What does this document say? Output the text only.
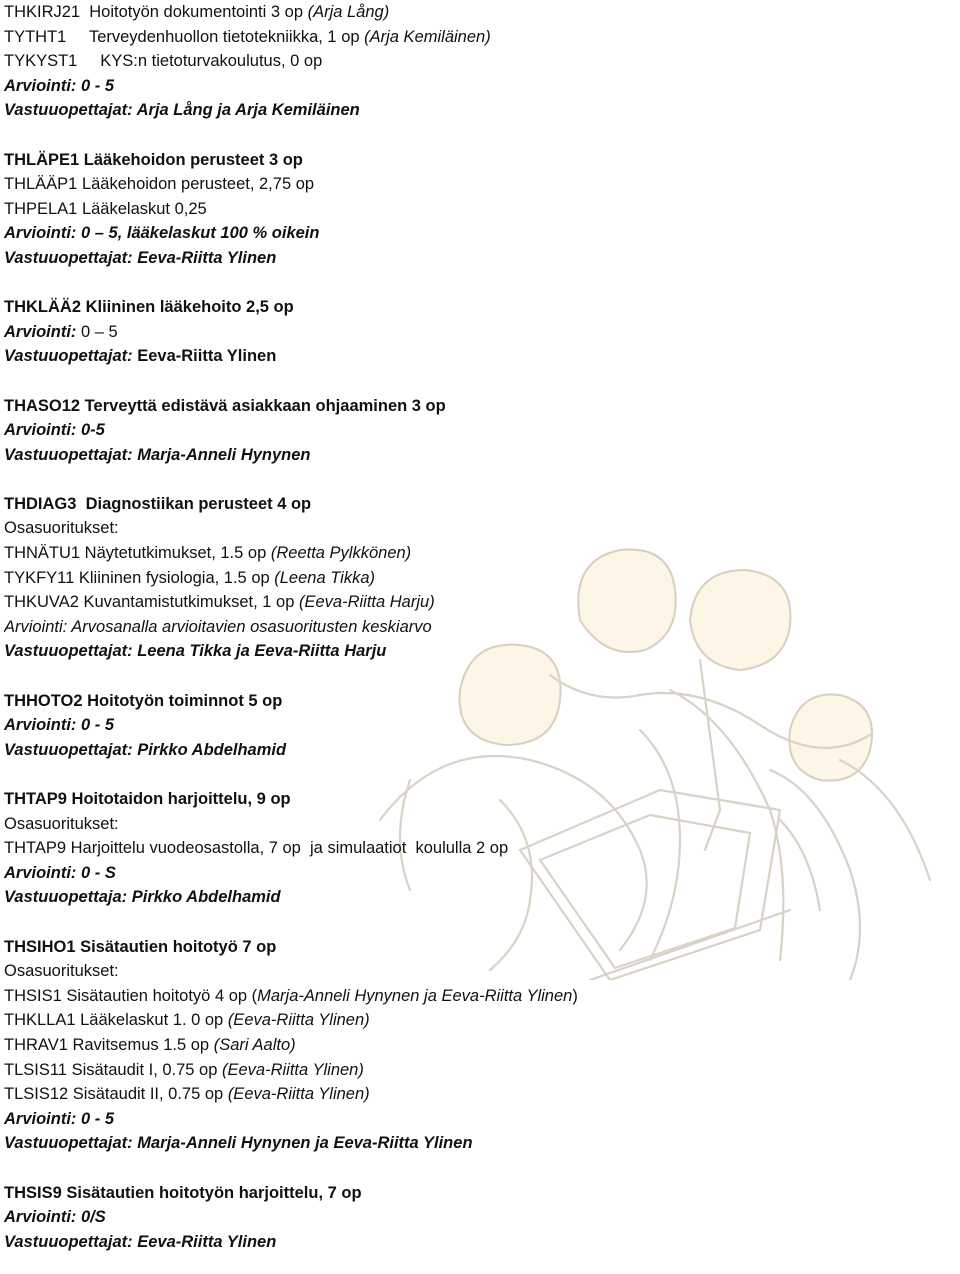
THKIRJ21  Hoitotyön dokumentointi 3 op (Arja Lång)
TYTHT1     Terveydenhuollon tietotekniikka, 1 op (Arja Kemiläinen)
TYKYST1     KYS:n tietoturvakoulutus, 0 op
Arviointi: 0 - 5
Vastuuopettajat: Arja Lång ja Arja Kemiläinen
THLÄPE1 Lääkehoidon perusteet 3 op
THLÄÄP1 Lääkehoidon perusteet, 2,75 op
THPELA1 Lääkelaskut 0,25
Arviointi: 0 – 5, lääkelaskut 100 % oikein
Vastuuopettajat: Eeva-Riitta Ylinen
THKLÄÄ2 Kliininen lääkehoito 2,5 op
Arviointi: 0 – 5
Vastuuopettajat: Eeva-Riitta Ylinen
THASO12 Terveyttä edistävä asiakkaan ohjaaminen 3 op
Arviointi: 0-5
Vastuuopettajat: Marja-Anneli Hynynen
THDIAG3  Diagnostiikan perusteet 4 op
Osasuoritukset:
THNÄTU1 Näytetutkimukset, 1.5 op (Reetta Pylkkönen)
TYKFY11 Kliininen fysiologia, 1.5 op (Leena Tikka)
THKUVA2 Kuvantamistutkimukset, 1 op (Eeva-Riitta Harju)
Arviointi: Arvosanalla arvioitavien osasuoritusten keskiarvo
Vastuuopettajat: Leena Tikka ja Eeva-Riitta Harju
THHOTO2 Hoitotyön toiminnot 5 op
Arviointi: 0 - 5
Vastuuopettajat: Pirkko Abdelhamid
THTAP9 Hoitotaidon harjoittelu, 9 op
Osasuoritukset:
THTAP9 Harjoittelu vuodeosastolla, 7 op  ja simulaatiot  koululla 2 op
Arviointi: 0 - S
Vastuuopettaja: Pirkko Abdelhamid
THSIHO1 Sisätautien hoitotyö 7 op
Osasuoritukset:
THSIS1 Sisätautien hoitotyö 4 op (Marja-Anneli Hynynen ja Eeva-Riitta Ylinen)
THKLLA1 Lääkelaskut 1. 0 op (Eeva-Riitta Ylinen)
THRAV1 Ravitsemus 1.5 op (Sari Aalto)
TLSIS11 Sisätaudit I, 0.75 op (Eeva-Riitta Ylinen)
TLSIS12 Sisätaudit II, 0.75 op (Eeva-Riitta Ylinen)
Arviointi: 0 - 5
Vastuuopettajat: Marja-Anneli Hynynen ja Eeva-Riitta Ylinen
THSIS9 Sisätautien hoitotyön harjoittelu, 7 op
Arviointi: 0/S
Vastuuopettajat: Eeva-Riitta Ylinen
